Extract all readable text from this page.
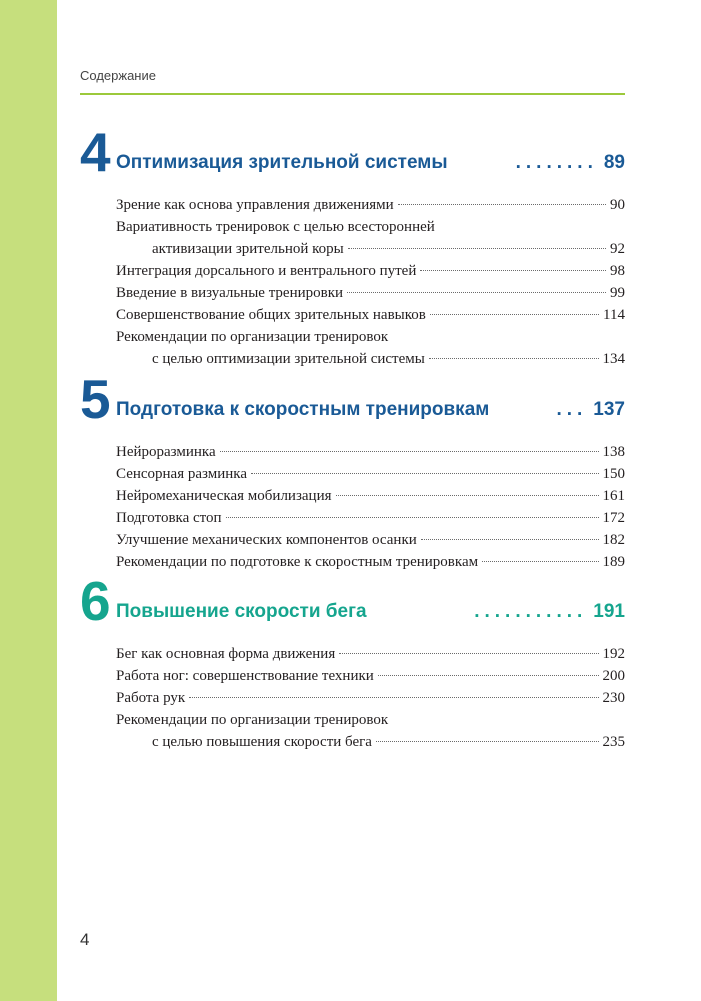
Содержание
4 Оптимизация зрительной системы	........ 89
Зрение как основа управления движениями	90
Вариативность тренировок с целью всесторонней
активизации зрительной коры	92
Интеграция дорсального и вентрального путей	98
Введение в визуальные тренировки	99
Совершенствование общих зрительных навыков	114
Рекомендации по организации тренировок
с целью оптимизации зрительной системы	134
5 Подготовка к скоростным тренировкам	... 137
Нейроразминка	138
Сенсорная разминка	150
Нейромеханическая мобилизация	161
Подготовка стоп	172
Улучшение механических компонентов осанки	182
Рекомендации по подготовке к скоростным тренировкам	189
6 Повышение скорости бега	........... 191
Бег как основная форма движения	192
Работа ног: совершенствование техники	200
Работа рук	230
Рекомендации по организации тренировок
с целью повышения скорости бега	235
4
